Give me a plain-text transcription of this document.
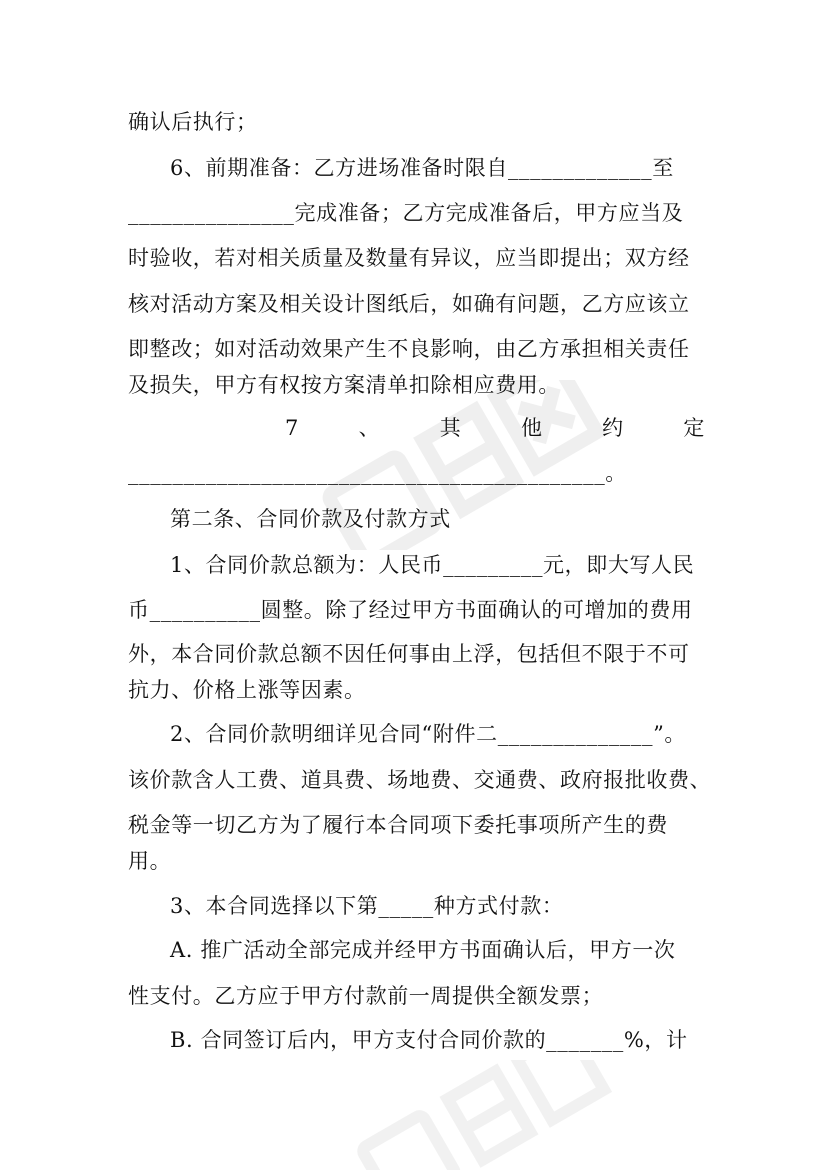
确认后执行；
6、前期准备：乙方进场准备时限自_____________至
_______________完成准备；乙方完成准备后，甲方应当及
时验收，若对相关质量及数量有异议，应当即提出；双方经
核对活动方案及相关设计图纸后，如确有问题，乙方应该立
即整改；如对活动效果产生不良影响，由乙方承担相关责任
及损失，甲方有权按方案清单扣除相应费用。
7	、	其	他	约	定
___________________________________________。
第二条、合同价款及付款方式
1、合同价款总额为：人民币_________元，即大写人民
币__________圆整。除了经过甲方书面确认的可增加的费用
外，本合同价款总额不因任何事由上浮，包括但不限于不可
抗力、价格上涨等因素。
2、合同价款明细详见合同“附件二______________”。
该价款含人工费、道具费、场地费、交通费、政府报批收费、
税金等一切乙方为了履行本合同项下委托事项所产生的费
用。
3、本合同选择以下第_____种方式付款：
A. 推广活动全部完成并经甲方书面确认后，甲方一次
性支付。乙方应于甲方付款前一周提供全额发票；
B. 合同签订后内，甲方支付合同价款的_______%，计
